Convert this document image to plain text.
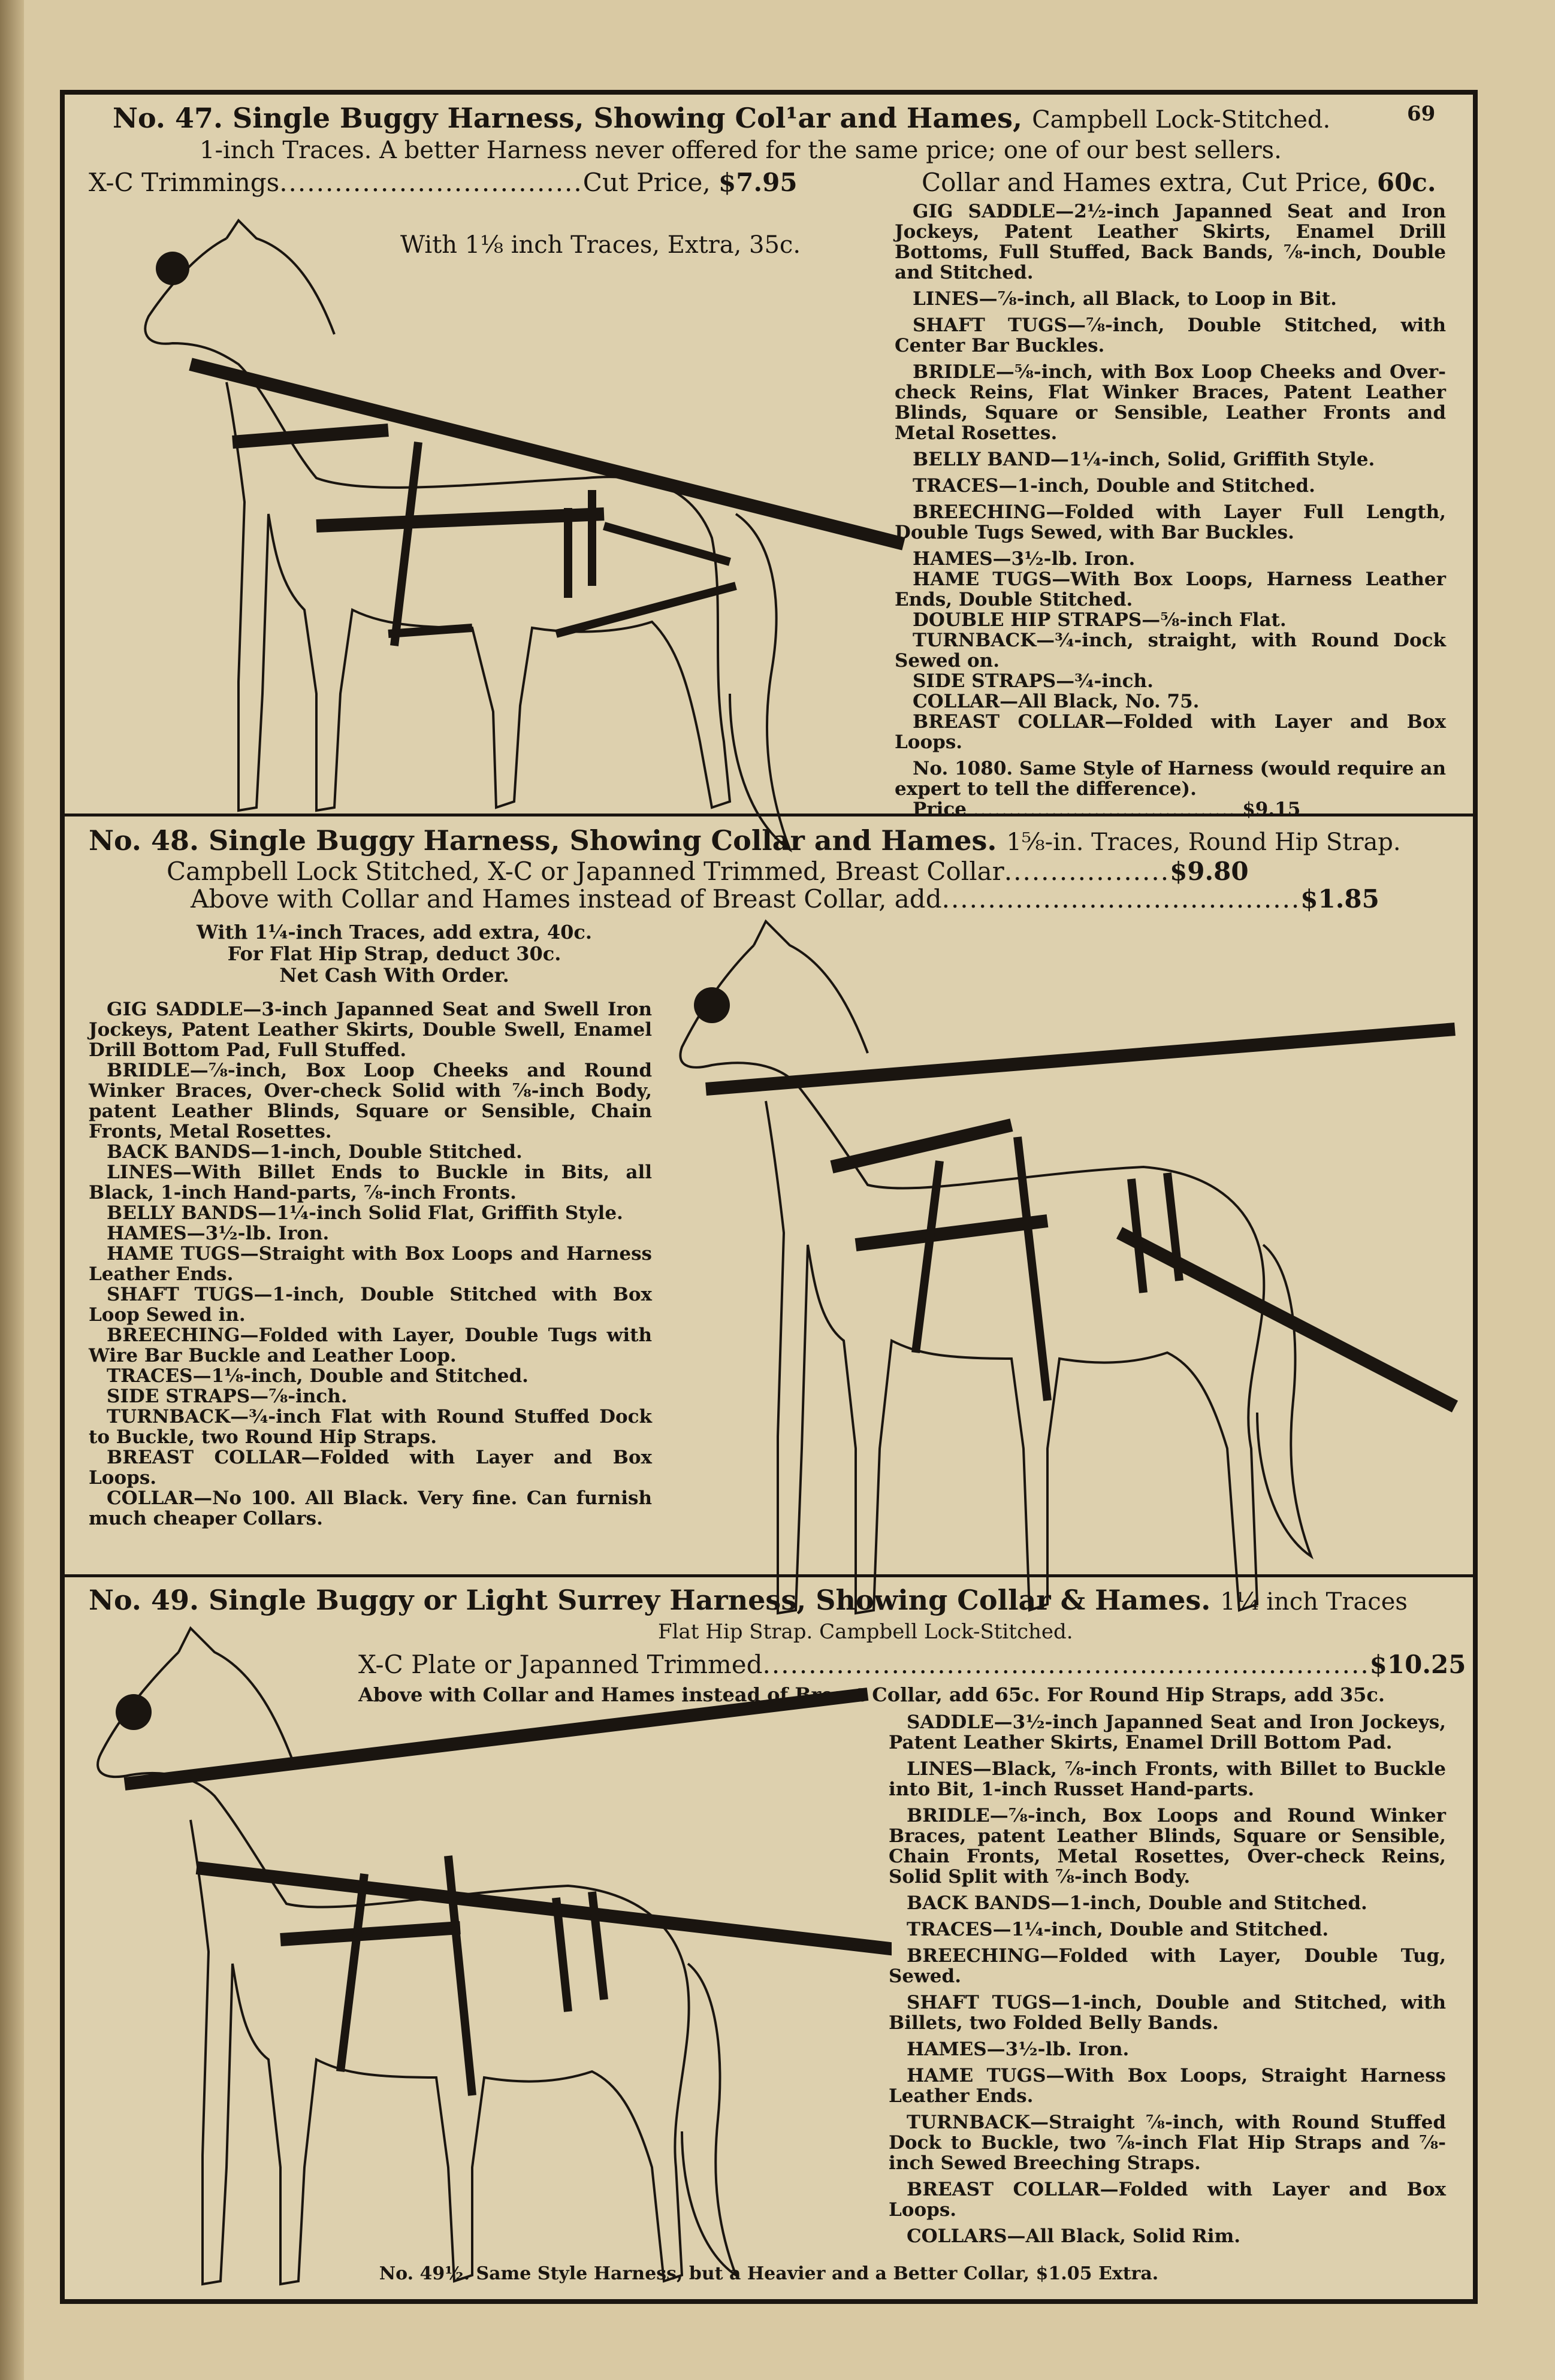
No. 47. Single Buggy Harness, Showing Col¹ar and Hames, Campbell Lock-Stitched.	69
1-inch Traces. A better Harness never offered for the same price; one of our best sellers.
X-C Trimmings.................................Cut Price, $7.95	Collar and Hames extra, Cut Price, 60c.
With 1⅛ inch Traces, Extra, 35c.

GIG SADDLE—2½-inch Japanned Seat and Iron Jockeys, Patent Leather Skirts, Enamel Drill Bottoms, Full Stuffed, Back Bands, ⅞-inch, Double and Stitched.

LINES—⅞-inch, all Black, to Loop in Bit.

SHAFT TUGS—⅞-inch, Double Stitched, with Center Bar Buckles.

BRIDLE—⅝-inch, with Box Loop Cheeks and Over-check Reins, Flat Winker Braces, Patent Leather Blinds, Square or Sensible, Leather Fronts and Metal Rosettes.

BELLY BAND—1¼-inch, Solid, Griffith Style.

TRACES—1-inch, Double and Stitched.

BREECHING—Folded with Layer Full Length, Double Tugs Sewed, with Bar Buckles.

HAMES—3½-lb. Iron.

HAME TUGS—With Box Loops, Harness Leather Ends, Double Stitched.

DOUBLE HIP STRAPS—⅝-inch Flat.

TURNBACK—¾-inch, straight, with Round Dock Sewed on.

SIDE STRAPS—¾-inch.

COLLAR—All Black, No. 75.

BREAST COLLAR—Folded with Layer and Box Loops.

No. 1080. Same Style of Harness (would require an expert to tell the difference).

Price ..................................... $9.15

No. 48. Single Buggy Harness, Showing Collar and Hames. 1⅝-in. Traces, Round Hip Strap.
Campbell Lock Stitched, X-C or Japanned Trimmed, Breast Collar..................$9.80
Above with Collar and Hames instead of Breast Collar, add.......................................$1.85
With 1¼-inch Traces, add extra, 40c.
For Flat Hip Strap, deduct 30c.
Net Cash With Order.

GIG SADDLE—3-inch Japanned Seat and Swell Iron Jockeys, Patent Leather Skirts, Double Swell, Enamel Drill Bottom Pad, Full Stuffed.

BRIDLE—⅞-inch, Box Loop Cheeks and Round Winker Braces, Over-check Solid with ⅞-inch Body, patent Leather Blinds, Square or Sensible, Chain Fronts, Metal Rosettes.

BACK BANDS—1-inch, Double Stitched.

LINES—With Billet Ends to Buckle in Bits, all Black, 1-inch Hand-parts, ⅞-inch Fronts.

BELLY BANDS—1¼-inch Solid Flat, Griffith Style.

HAMES—3½-lb. Iron.

HAME TUGS—Straight with Box Loops and Harness Leather Ends.

SHAFT TUGS—1-inch, Double Stitched with Box Loop Sewed in.

BREECHING—Folded with Layer, Double Tugs with Wire Bar Buckle and Leather Loop.

TRACES—1⅛-inch, Double and Stitched.

SIDE STRAPS—⅞-inch.

TURNBACK—¾-inch Flat with Round Stuffed Dock to Buckle, two Round Hip Straps.

BREAST COLLAR—Folded with Layer and Box Loops.

COLLAR—No 100. All Black. Very fine. Can furnish much cheaper Collars.

No. 49. Single Buggy or Light Surrey Harness, Showing Collar & Hames. 1¼ inch Traces
Flat Hip Strap. Campbell Lock-Stitched.
X-C Plate or Japanned Trimmed..................................................................$10.25
Above with Collar and Hames instead of Breast Collar, add 65c. For Round Hip Straps, add 35c.

SADDLE—3½-inch Japanned Seat and Iron Jockeys, Patent Leather Skirts, Enamel Drill Bottom Pad.

LINES—Black, ⅞-inch Fronts, with Billet to Buckle into Bit, 1-inch Russet Hand-parts.

BRIDLE—⅞-inch, Box Loops and Round Winker Braces, patent Leather Blinds, Square or Sensible, Chain Fronts, Metal Rosettes, Over-check Reins, Solid Split with ⅞-inch Body.

BACK BANDS—1-inch, Double and Stitched.

TRACES—1¼-inch, Double and Stitched.

BREECHING—Folded with Layer, Double Tug, Sewed.

SHAFT TUGS—1-inch, Double and Stitched, with Billets, two Folded Belly Bands.

HAMES—3½-lb. Iron.

HAME TUGS—With Box Loops, Straight Harness Leather Ends.

TURNBACK—Straight ⅞-inch, with Round Stuffed Dock to Buckle, two ⅞-inch Flat Hip Straps and ⅞-inch Sewed Breeching Straps.

BREAST COLLAR—Folded with Layer and Box Loops.

COLLARS—All Black, Solid Rim.

No. 49½. Same Style Harness, but a Heavier and a Better Collar, $1.05 Extra.
